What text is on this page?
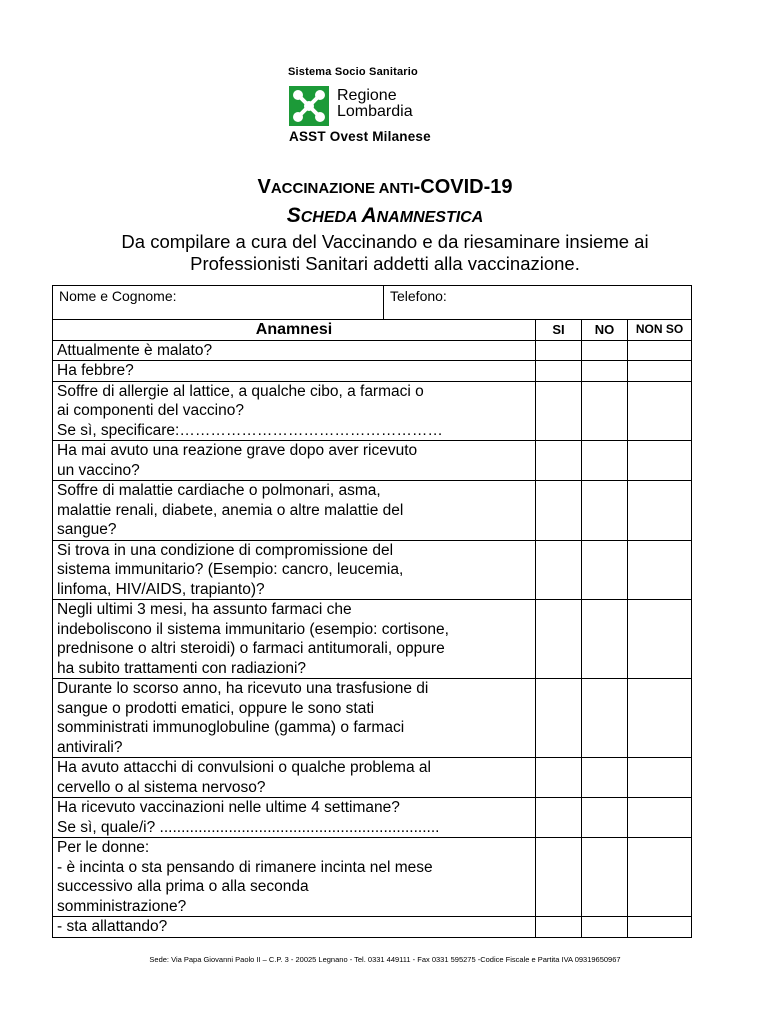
Sistema Socio Sanitario
Regione
Lombardia
ASST Ovest Milanese
VACCINAZIONE ANTI-COVID-19
SCHEDA ANAMNESTICA
Da compilare a cura del Vaccinando e da riesaminare insieme ai
Professionisti Sanitari addetti alla vaccinazione.
Nome e Cognome: Telefono:			

Anamnesi	SI	NO	NON SO

Attualmente è malato?			

Ha febbre?			

Soffre di allergie al lattice, a qualche cibo, a farmaci o
ai componenti del vaccino?
Se sì, specificare:……………………………………………			

Ha mai avuto una reazione grave dopo aver ricevuto
un vaccino?			

Soffre di malattie cardiache o polmonari, asma,
malattie renali, diabete, anemia o altre malattie del
sangue?			

Si trova in una condizione di compromissione del
sistema immunitario? (Esempio: cancro, leucemia,
linfoma, HIV/AIDS, trapianto)?			

Negli ultimi 3 mesi, ha assunto farmaci che
indeboliscono il sistema immunitario (esempio: cortisone,
prednisone o altri steroidi) o farmaci antitumorali, oppure
ha subito trattamenti con radiazioni?			

Durante lo scorso anno, ha ricevuto una trasfusione di
sangue o prodotti ematici, oppure le sono stati
somministrati immunoglobuline (gamma) o farmaci
antivirali?			

Ha avuto attacchi di convulsioni o qualche problema al
cervello o al sistema nervoso?			

Ha ricevuto vaccinazioni nelle ultime 4 settimane?
Se sì, quale/i? .................................................................			

Per le donne:
- è incinta o sta pensando di rimanere incinta nel mese
successivo alla prima o alla seconda
somministrazione?			

- sta allattando?			

Sede: Via Papa Giovanni Paolo II – C.P. 3 - 20025 Legnano - Tel. 0331 449111 - Fax 0331 595275 -Codice Fiscale e Partita IVA 09319650967
